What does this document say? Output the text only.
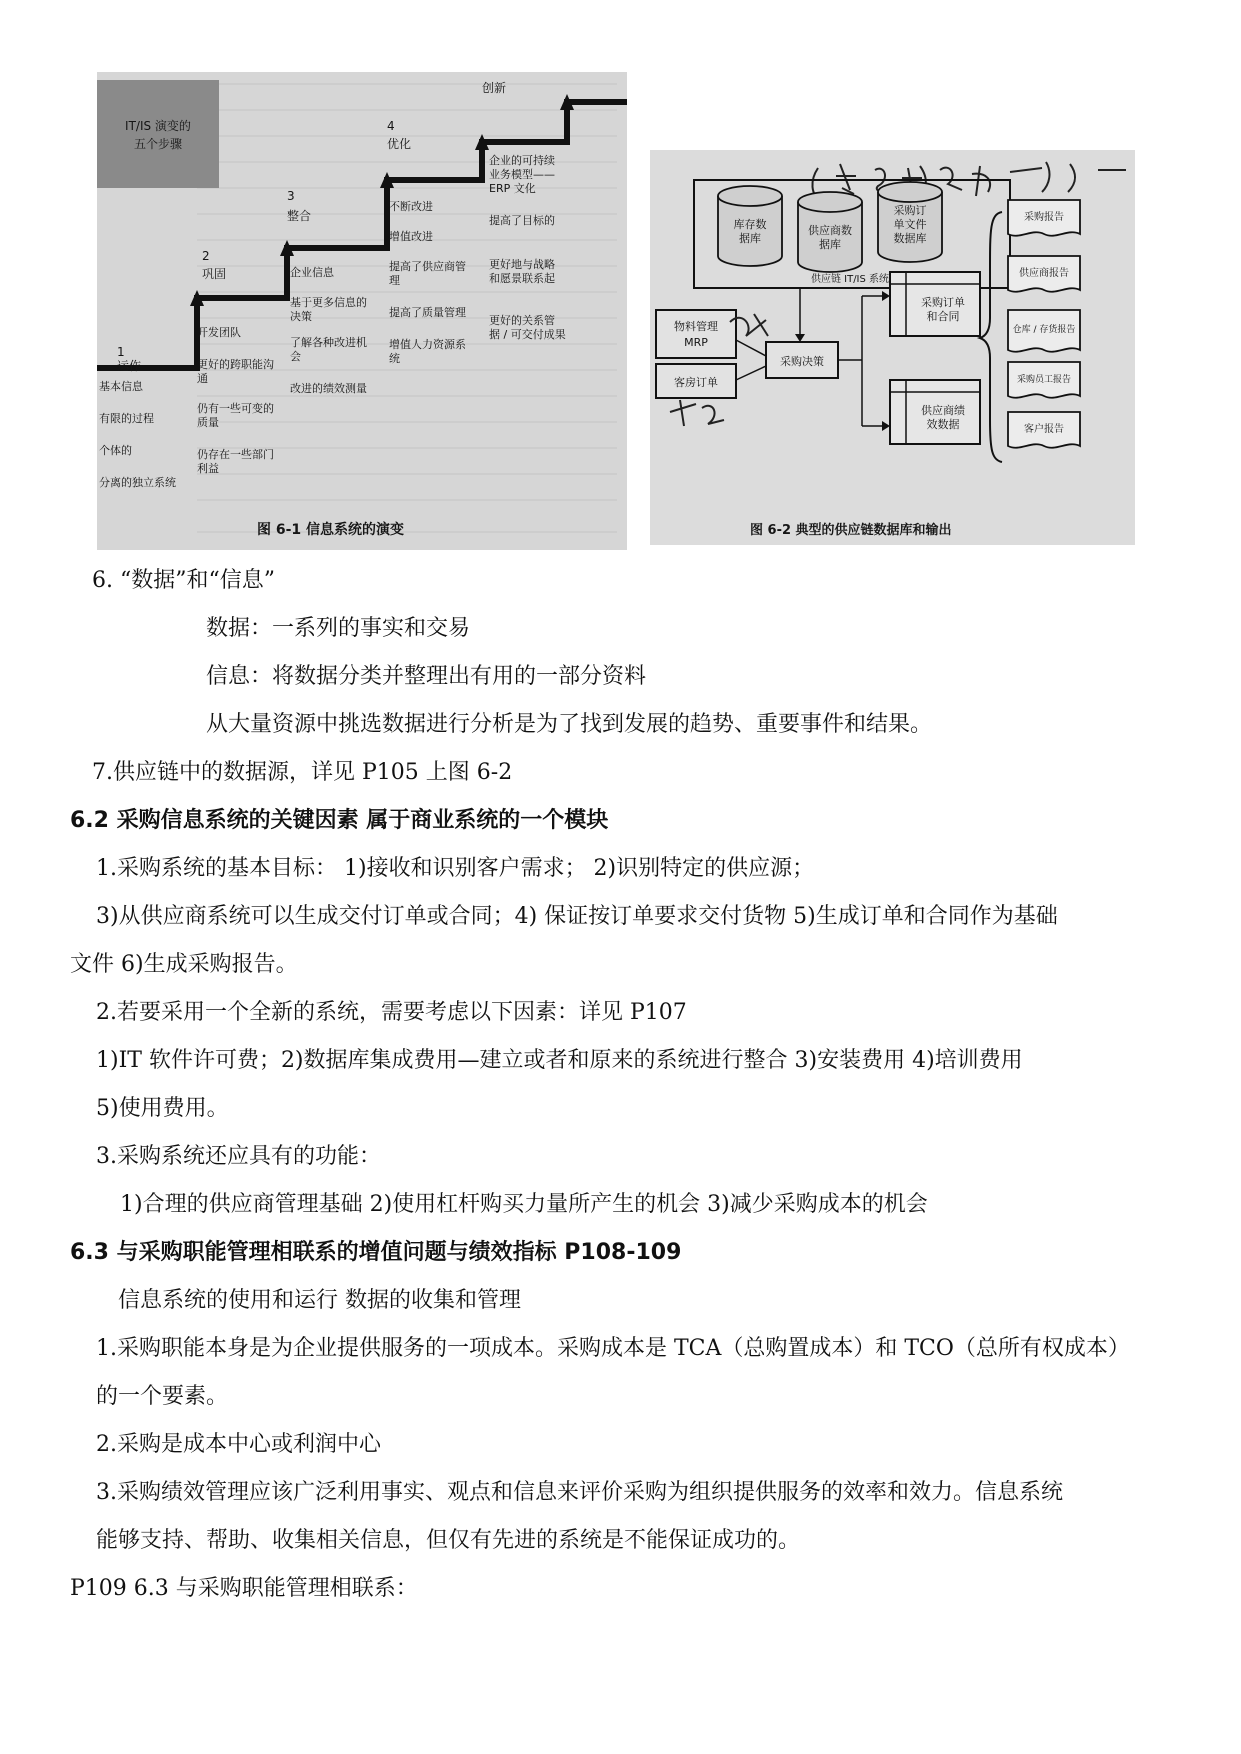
IT/IS 演变的
五个步骤
1
运作
2
巩固
3
整合
4
优化
创新
基本信息
有限的过程
个体的
分离的独立系统
开发团队
更好的跨职能沟
通
仍有一些可变的
质量
仍存在一些部门
利益
企业信息
基于更多信息的
决策
了解各种改进机
会
改进的绩效测量
不断改进
增值改进
提高了供应商管
理
提高了质量管理
增值人力资源系
统
企业的可持续
业务模型——
ERP 文化
提高了目标的
更好地与战略
和愿景联系起
更好的关系管
据 / 可交付成果
图 6-1 信息系统的演变
库存数
据库
供应商数
据库
采购订
单文件
数据库
供应链 IT/IS 系统
物料管理
MRP
客房订单
采购决策
计划
指导
采购订单
和合同
供应商绩
效数据
采购报告
供应商报告
仓库 / 存货报告
采购员工报告
客户报告
图 6-2 典型的供应链数据库和输出
6. “数据”和“信息”
数据：一系列的事实和交易
信息：将数据分类并整理出有用的一部分资料
从大量资源中挑选数据进行分析是为了找到发展的趋势、重要事件和结果。
7.供应链中的数据源，详见 P105 上图 6-2
6.2 采购信息系统的关键因素 属于商业系统的一个模块
1.采购系统的基本目标： 1)接收和识别客户需求； 2)识别特定的供应源；
3)从供应商系统可以生成交付订单或合同；4) 保证按订单要求交付货物 5)生成订单和合同作为基础
文件 6)生成采购报告。
2.若要采用一个全新的系统，需要考虑以下因素：详见 P107
1)IT 软件许可费；2)数据库集成费用—建立或者和原来的系统进行整合 3)安装费用 4)培训费用
5)使用费用。
3.采购系统还应具有的功能：
1)合理的供应商管理基础 2)使用杠杆购买力量所产生的机会 3)减少采购成本的机会
6.3 与采购职能管理相联系的增值问题与绩效指标 P108-109
信息系统的使用和运行 数据的收集和管理
1.采购职能本身是为企业提供服务的一项成本。采购成本是 TCA（总购置成本）和 TCO（总所有权成本）
的一个要素。
2.采购是成本中心或利润中心
3.采购绩效管理应该广泛利用事实、观点和信息来评价采购为组织提供服务的效率和效力。信息系统
能够支持、帮助、收集相关信息，但仅有先进的系统是不能保证成功的。
P109 6.3 与采购职能管理相联系：
